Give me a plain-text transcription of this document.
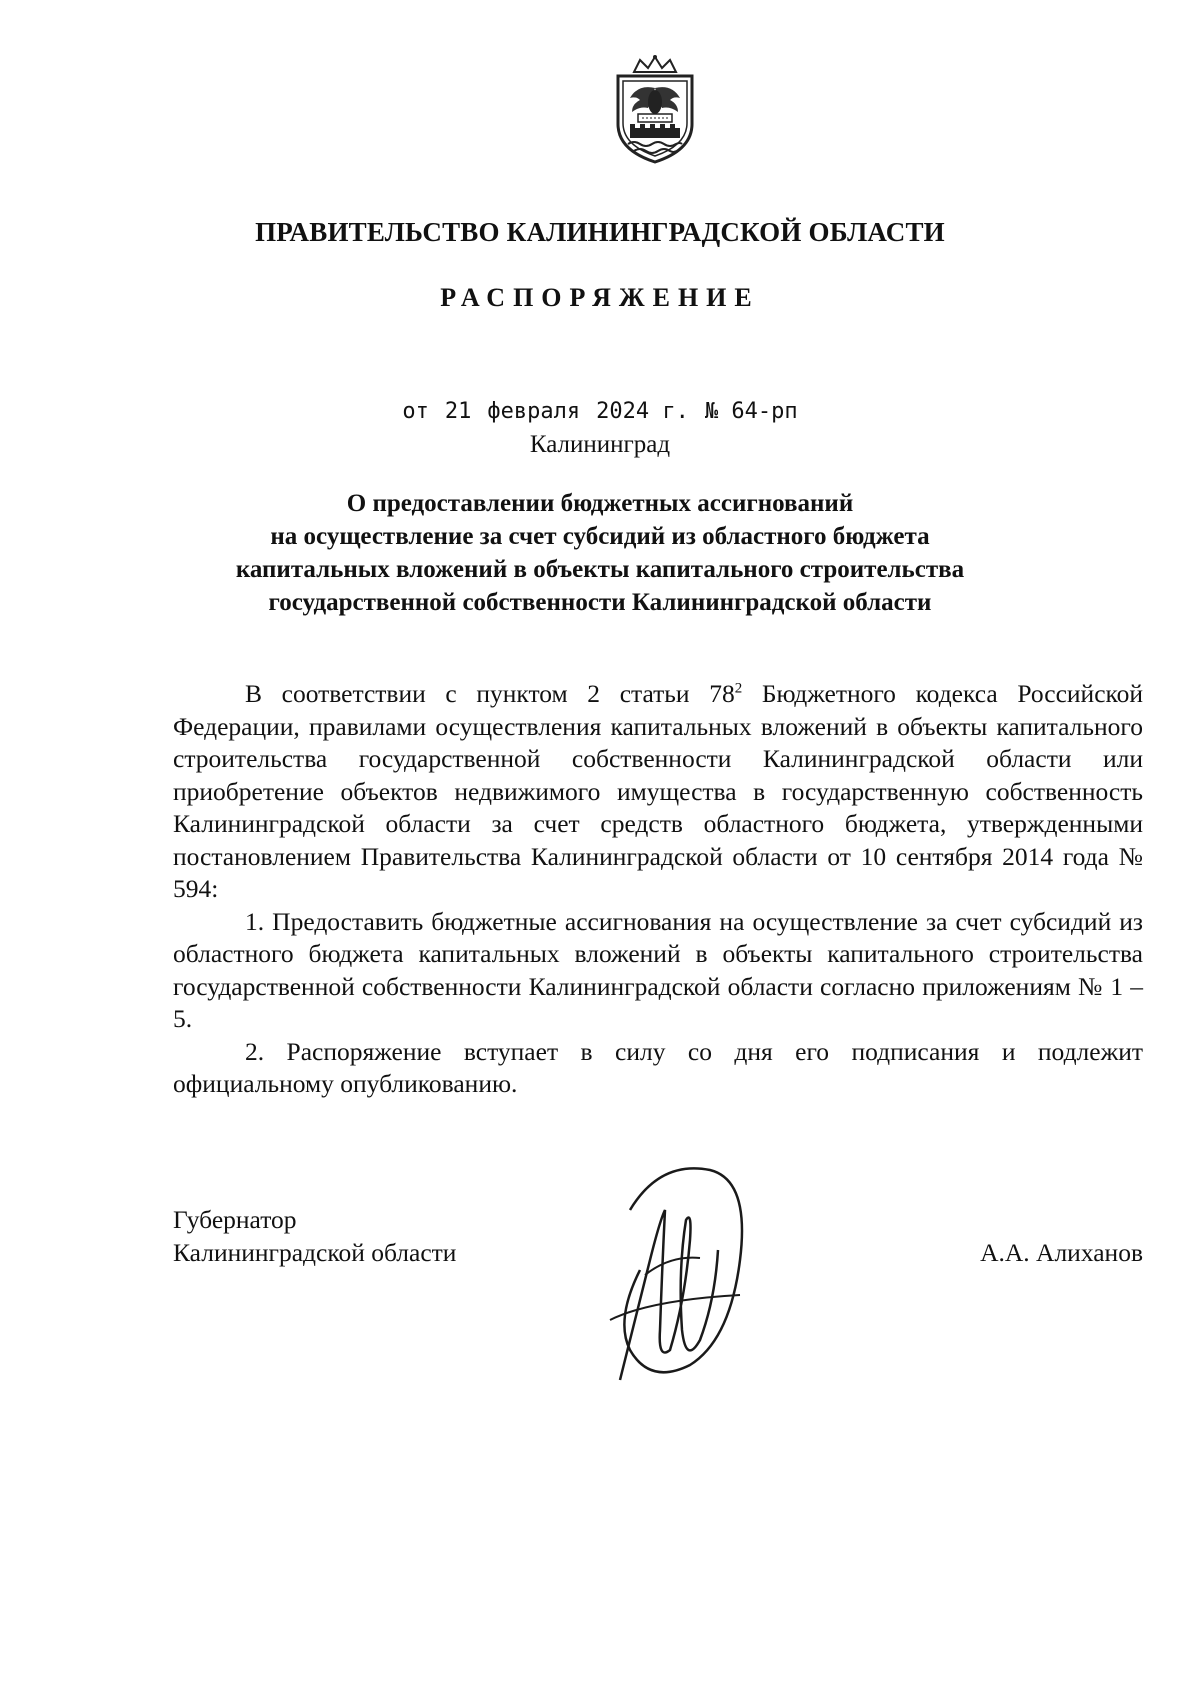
ПРАВИТЕЛЬСТВО КАЛИНИНГРАДСКОЙ ОБЛАСТИ
РАСПОРЯЖЕНИЕ
от 21 февраля 2024 г. № 64-рп
Калининград
О предоставлении бюджетных ассигнований
на осуществление за счет субсидий из областного бюджета
капитальных вложений в объекты капитального строительства
государственной собственности Калининградской области

В соответствии с пунктом 2 статьи $78^2$ Бюджетного кодекса Российской Федерации, правилами осуществления капитальных вложений в объекты капитального строительства государственной собственности Калининградской области или приобретение объектов недвижимого имущества в государственную собственность Калининградской области за счет средств областного бюджета, утвержденными постановлением Правительства Калининградской области от 10 сентября 2014 года № 594:

1. Предоставить бюджетные ассигнования на осуществление за счет субсидий из областного бюджета капитальных вложений в объекты капитального строительства государственной собственности Калининградской области согласно приложениям № 1 – 5.

2. Распоряжение вступает в силу со дня его подписания и подлежит официальному опубликованию.

Губернатор
Калининградской области	А.А. Алиханов
